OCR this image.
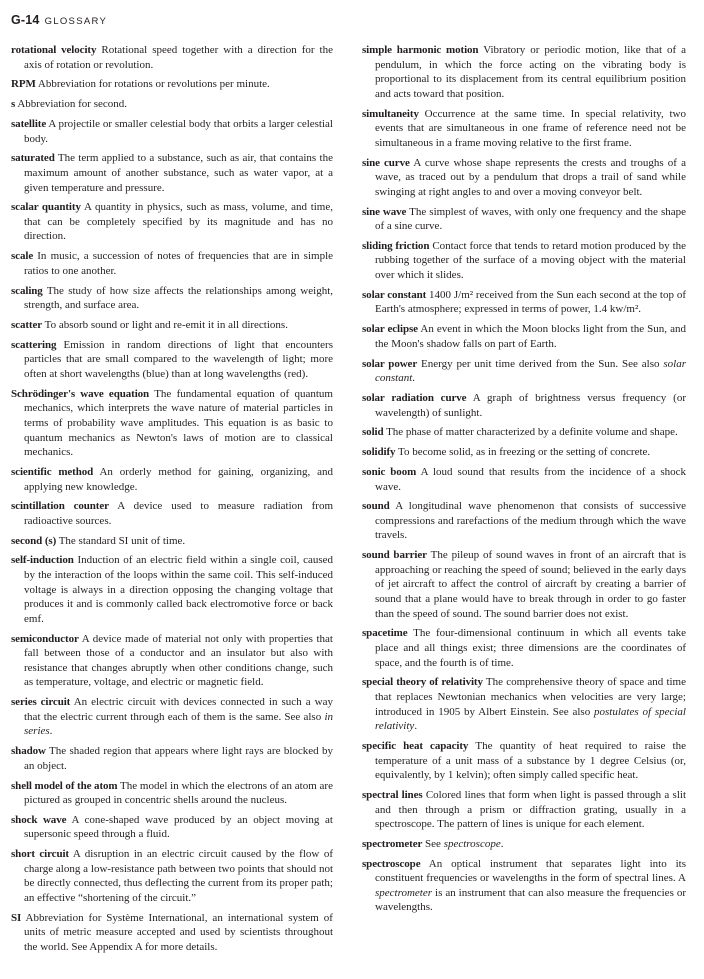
G-14 GLOSSARY

rotational velocity Rotational speed together with a direction for the axis of rotation or revolution.

RPM Abbreviation for rotations or revolutions per minute.

s Abbreviation for second.

satellite A projectile or smaller celestial body that orbits a larger celestial body.

saturated The term applied to a substance, such as air, that contains the maximum amount of another substance, such as water vapor, at a given temperature and pressure.

scalar quantity A quantity in physics, such as mass, volume, and time, that can be completely specified by its magnitude and has no direction.

scale In music, a succession of notes of frequencies that are in simple ratios to one another.

scaling The study of how size affects the relationships among weight, strength, and surface area.

scatter To absorb sound or light and re-emit it in all directions.

scattering Emission in random directions of light that encounters particles that are small compared to the wavelength of light; more often at short wavelengths (blue) than at long wavelengths (red).

Schrödinger's wave equation The fundamental equation of quantum mechanics, which interprets the wave nature of material particles in terms of probability wave amplitudes. This equation is as basic to quantum mechanics as Newton's laws of motion are to classical mechanics.

scientific method An orderly method for gaining, organizing, and applying new knowledge.

scintillation counter A device used to measure radiation from radioactive sources.

second (s) The standard SI unit of time.

self-induction Induction of an electric field within a single coil, caused by the interaction of the loops within the same coil. This self-induced voltage is always in a direction opposing the changing voltage that produces it and is commonly called back electromotive force or back emf.

semiconductor A device made of material not only with properties that fall between those of a conductor and an insulator but also with resistance that changes abruptly when other conditions change, such as temperature, voltage, and electric or magnetic field.

series circuit An electric circuit with devices connected in such a way that the electric current through each of them is the same. See also in series.

shadow The shaded region that appears where light rays are blocked by an object.

shell model of the atom The model in which the electrons of an atom are pictured as grouped in concentric shells around the nucleus.

shock wave A cone-shaped wave produced by an object moving at supersonic speed through a fluid.

short circuit A disruption in an electric circuit caused by the flow of charge along a low-resistance path between two points that should not be directly connected, thus deflecting the current from its proper path; an effective “shortening of the circuit.”

SI Abbreviation for Système International, an international system of units of metric measure accepted and used by scientists throughout the world. See Appendix A for more details.

simple harmonic motion Vibratory or periodic motion, like that of a pendulum, in which the force acting on the vibrating body is proportional to its displacement from its central equilibrium position and acts toward that position.

simultaneity Occurrence at the same time. In special relativity, two events that are simultaneous in one frame of reference need not be simultaneous in a frame moving relative to the first frame.

sine curve A curve whose shape represents the crests and troughs of a wave, as traced out by a pendulum that drops a trail of sand while swinging at right angles to and over a moving conveyor belt.

sine wave The simplest of waves, with only one frequency and the shape of a sine curve.

sliding friction Contact force that tends to retard motion produced by the rubbing together of the surface of a moving object with the material over which it slides.

solar constant 1400 J/m² received from the Sun each second at the top of Earth's atmosphere; expressed in terms of power, 1.4 kw/m².

solar eclipse An event in which the Moon blocks light from the Sun, and the Moon's shadow falls on part of Earth.

solar power Energy per unit time derived from the Sun. See also solar constant.

solar radiation curve A graph of brightness versus frequency (or wavelength) of sunlight.

solid The phase of matter characterized by a definite volume and shape.

solidify To become solid, as in freezing or the setting of concrete.

sonic boom A loud sound that results from the incidence of a shock wave.

sound A longitudinal wave phenomenon that consists of successive compressions and rarefactions of the medium through which the wave travels.

sound barrier The pileup of sound waves in front of an aircraft that is approaching or reaching the speed of sound; believed in the early days of jet aircraft to affect the control of aircraft by creating a barrier of sound that a plane would have to break through in order to go faster than the speed of sound. The sound barrier does not exist.

spacetime The four-dimensional continuum in which all events take place and all things exist; three dimensions are the coordinates of space, and the fourth is of time.

special theory of relativity The comprehensive theory of space and time that replaces Newtonian mechanics when velocities are very large; introduced in 1905 by Albert Einstein. See also postulates of special relativity.

specific heat capacity The quantity of heat required to raise the temperature of a unit mass of a substance by 1 degree Celsius (or, equivalently, by 1 kelvin); often simply called specific heat.

spectral lines Colored lines that form when light is passed through a slit and then through a prism or diffraction grating, usually in a spectroscope. The pattern of lines is unique for each element.

spectrometer See spectroscope.

spectroscope An optical instrument that separates light into its constituent frequencies or wavelengths in the form of spectral lines. A spectrometer is an instrument that can also measure the frequencies or wavelengths.
